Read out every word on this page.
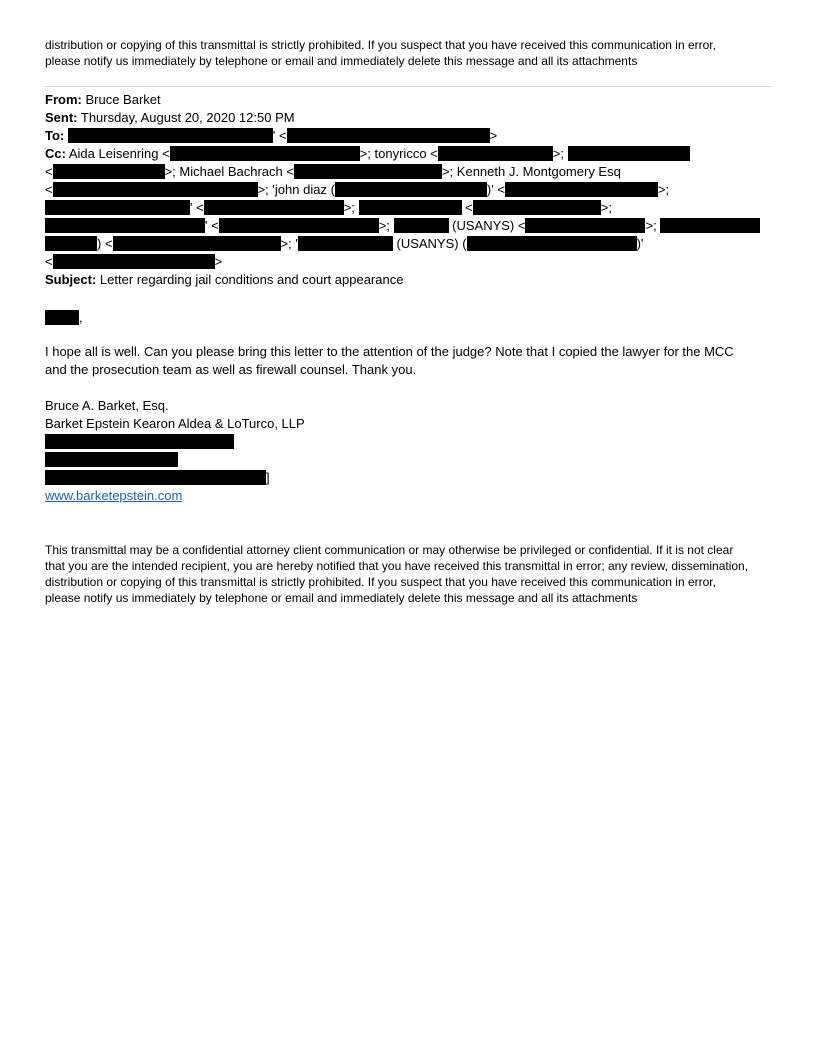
distribution or copying of this transmittal is strictly prohibited. If you suspect that you have received this communication in error,
please notify us immediately by telephone or email and immediately delete this message and all its attachments
From: Bruce Barket
Sent: Thursday, August 20, 2020 12:50 PM
To:	' <	>
Cc: Aida Leisenring <	>; tonyricco <	>;
<	>; Michael Bachrach <	>; Kenneth J. Montgomery Esq
<	>; 'john diaz (	)' <	>;
' <	>;	<	>;
' <	>;	(USANYS) <	>;
) <	>; '	(USANYS) (	)'
<	>
Subject: Letter regarding jail conditions and court appearance
,
I hope all is well. Can you please bring this letter to the attention of the judge? Note that I copied the lawyer for the MCC
and the prosecution team as well as firewall counsel. Thank you.
Bruce A. Barket, Esq.
Barket Epstein Kearon Aldea & LoTurco, LLP
]
www.barketepstein.com
This transmittal may be a confidential attorney client communication or may otherwise be privileged or confidential. If it is not clear
that you are the intended recipient, you are hereby notified that you have received this transmittal in error; any review, dissemination,
distribution or copying of this transmittal is strictly prohibited. If you suspect that you have received this communication in error,
please notify us immediately by telephone or email and immediately delete this message and all its attachments
